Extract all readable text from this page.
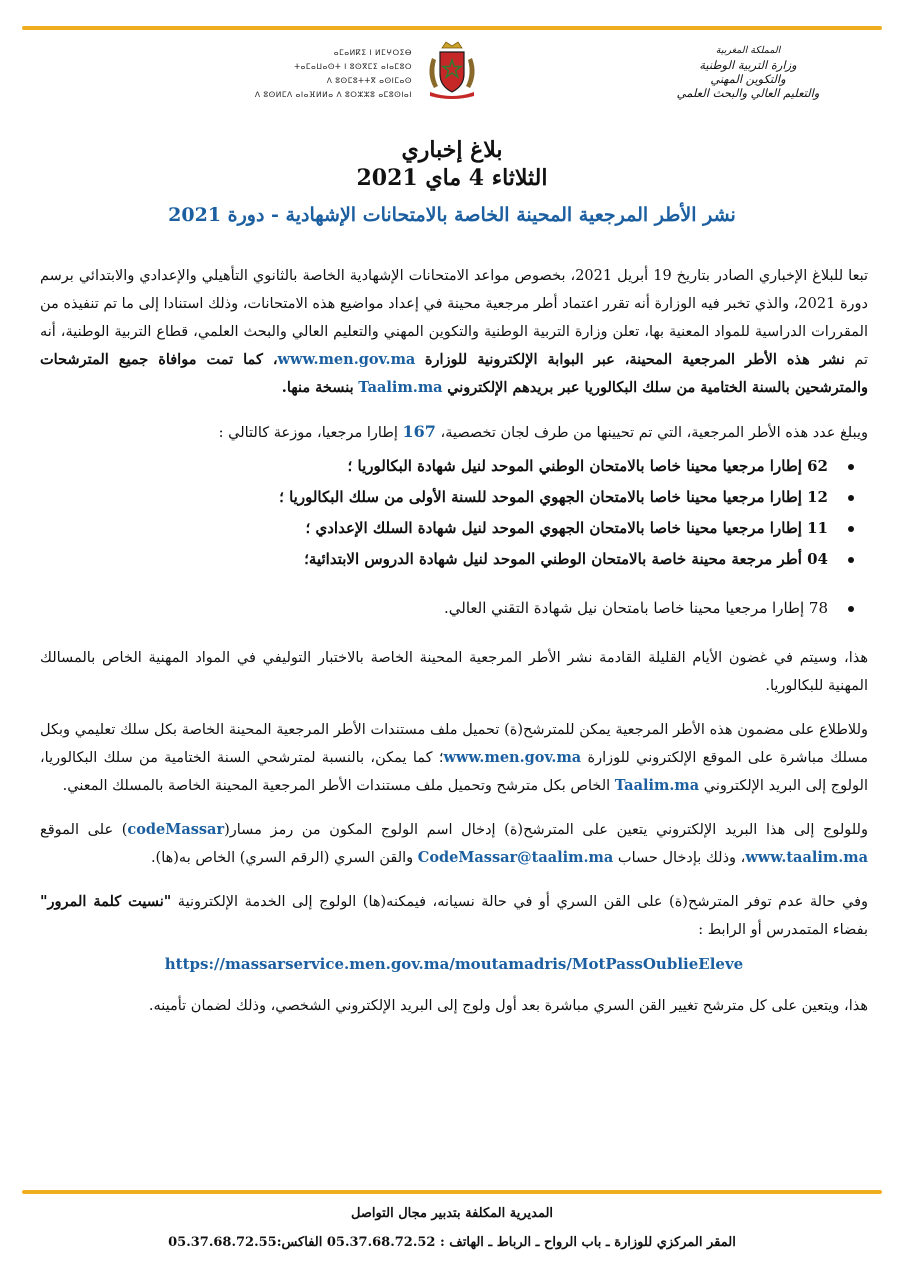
ⴰⵎⴰⵍⴽⵉ ⵏ ⵍⵎⵖⵔⵉⴱ
ⵜⴰⵎⴰⵡⴰⵙⵜ ⵏ ⵓⵙⴳⵎⵉ ⴰⵏⴰⵎⵓⵔ
ⴷ ⵓⵙⵎⵓⵜⵜⴳ ⴰⵙⵏⵎⴰⵙ
ⴷ ⵓⵙⵍⵎⴷ ⴰⵏⴰⴼⵍⵍⴰ ⴷ ⵓⵔⵣⵣⵓ ⴰⵎⵓⵙⵏⴰⵏ
المملكة المغربية
وزارة التربية الوطنية
والتكوين المهني
والتعليم العالي والبحث العلمي
بلاغ إخباري
الثلاثاء 4 ماي 2021
نشر الأطر المرجعية المحينة الخاصة بالامتحانات الإشهادية - دورة 2021

تبعا للبلاغ الإخباري الصادر بتاريخ 19 أبريل 2021، بخصوص مواعد الامتحانات الإشهادية الخاصة بالثانوي التأهيلي والإعدادي والابتدائي برسم دورة 2021، والذي تخبر فيه الوزارة أنه تقرر اعتماد أطر مرجعية محينة في إعداد مواضيع هذه الامتحانات، وذلك استنادا إلى ما تم تنفيذه من المقررات الدراسية للمواد المعنية بها، تعلن وزارة التربية الوطنية والتكوين المهني والتعليم العالي والبحث العلمي، قطاع التربية الوطنية، أنه تم نشر هذه الأطر المرجعية المحينة، عبر البوابة الإلكترونية للوزارة www.men.gov.ma، كما تمت موافاة جميع المترشحات والمترشحين بالسنة الختامية من سلك البكالوريا عبر بريدهم الإلكتروني Taalim.ma بنسخة منها.

ويبلغ عدد هذه الأطر المرجعية، التي تم تحيينها من طرف لجان تخصصية، 167 إطارا مرجعيا، موزعة كالتالي :

62 إطارا مرجعيا محينا خاصا بالامتحان الوطني الموحد لنيل شهادة البكالوريا ؛
12 إطارا مرجعيا محينا خاصا بالامتحان الجهوي الموحد للسنة الأولى من سلك البكالوريا ؛
11 إطارا مرجعيا محينا خاصا بالامتحان الجهوي الموحد لنيل شهادة السلك الإعدادي ؛
04 أطر مرجعة محينة خاصة بالامتحان الوطني الموحد لنيل شهادة الدروس الابتدائية؛
78 إطارا مرجعيا محينا خاصا بامتحان نيل شهادة التقني العالي.

هذا، وسيتم في غضون الأيام القليلة القادمة نشر الأطر المرجعية المحينة الخاصة بالاختبار التوليفي في المواد المهنية الخاص بالمسالك المهنية للبكالوريا.

وللاطلاع على مضمون هذه الأطر المرجعية يمكن للمترشح(ة) تحميل ملف مستندات الأطر المرجعية المحينة الخاصة بكل سلك تعليمي وبكل مسلك مباشرة على الموقع الإلكتروني للوزارة www.men.gov.ma؛ كما يمكن، بالنسبة لمترشحي السنة الختامية من سلك البكالوريا، الولوج إلى البريد الإلكتروني Taalim.ma الخاص بكل مترشح وتحميل ملف مستندات الأطر المرجعية المحينة الخاصة بالمسلك المعني.

وللولوج إلى هذا البريد الإلكتروني يتعين على المترشح(ة) إدخال اسم الولوج المكون من رمز مسار(codeMassar) على الموقع www.taalim.ma، وذلك بإدخال حساب CodeMassar@taalim.ma والقن السري (الرقم السري) الخاص به(ها).

وفي حالة عدم توفر المترشح(ة) على القن السري أو في حالة نسيانه، فيمكنه(ها) الولوج إلى الخدمة الإلكترونية "نسيت كلمة المرور" بفضاء المتمدرس أو الرابط :

https://massarservice.men.gov.ma/moutamadris/MotPassOublieEleve

هذا، ويتعين على كل مترشح تغيير القن السري مباشرة بعد أول ولوج إلى البريد الإلكتروني الشخصي، وذلك لضمان تأمينه.

المديرية المكلفة بتدبير مجال التواصل
المقر المركزي للوزارة ـ باب الرواح ـ الرباط ـ الهاتف : 05.37.68.72.52 الفاكس:05.37.68.72.55
